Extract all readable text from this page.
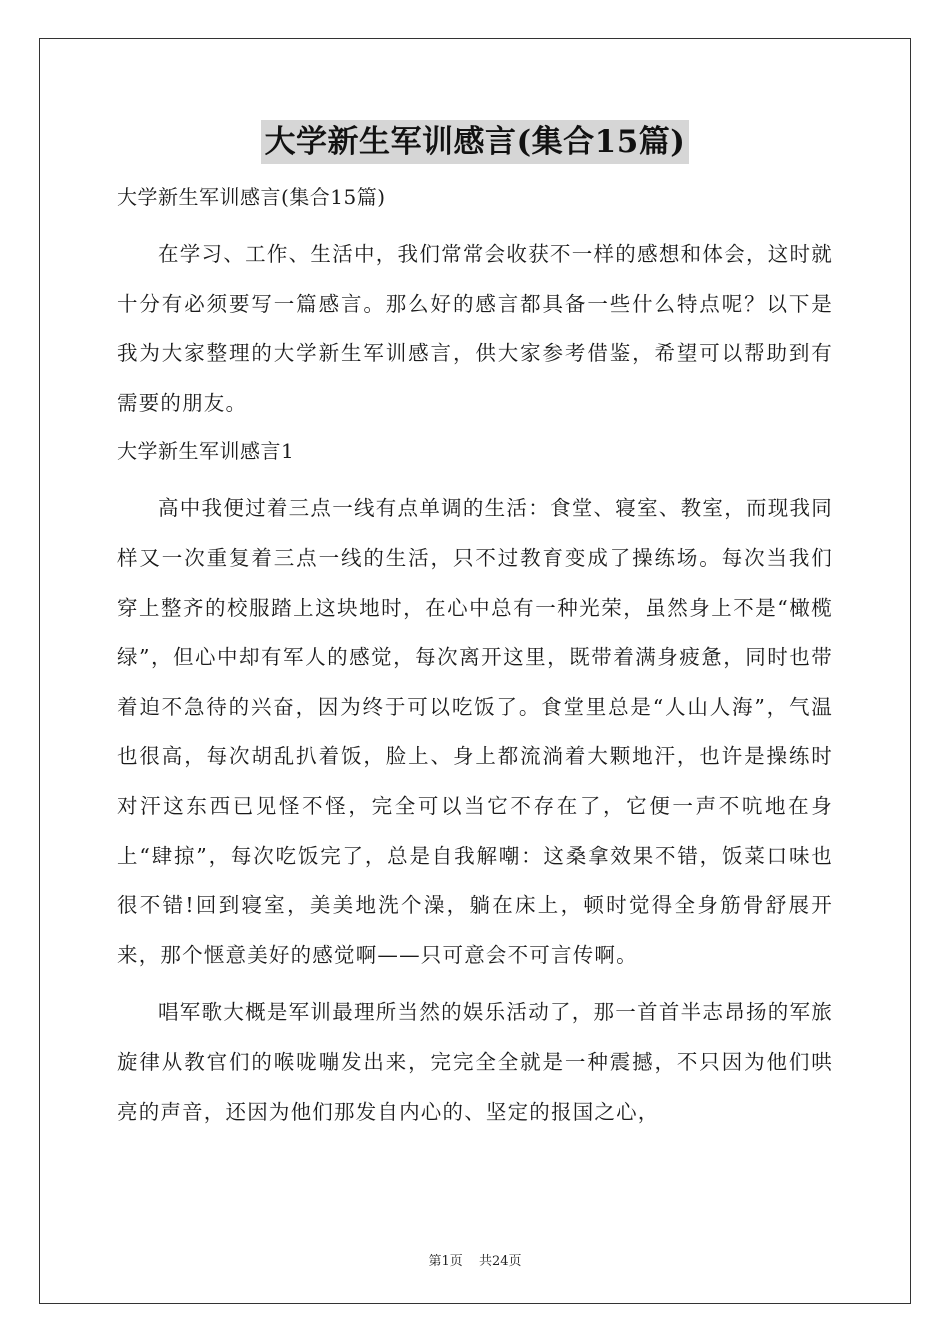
大学新生军训感言(集合15篇)

大学新生军训感言(集合15篇)

在学习、工作、生活中，我们常常会收获不一样的感想和体会，这时就十分有必须要写一篇感言。那么好的感言都具备一些什么特点呢？以下是我为大家整理的大学新生军训感言，供大家参考借鉴，希望可以帮助到有需要的朋友。

大学新生军训感言1

高中我便过着三点一线有点单调的生活：食堂、寝室、教室，而现我同样又一次重复着三点一线的生活，只不过教育变成了操练场。每次当我们穿上整齐的校服踏上这块地时，在心中总有一种光荣，虽然身上不是“橄榄绿”，但心中却有军人的感觉，每次离开这里，既带着满身疲惫，同时也带着迫不急待的兴奋，因为终于可以吃饭了。食堂里总是“人山人海”，气温也很高，每次胡乱扒着饭，脸上、身上都流淌着大颗地汗，也许是操练时对汗这东西已见怪不怪，完全可以当它不存在了，它便一声不吭地在身上“肆掠”，每次吃饭完了，总是自我解嘲：这桑拿效果不错，饭菜口味也很不错!回到寝室，美美地洗个澡，躺在床上，顿时觉得全身筋骨舒展开来，那个惬意美好的感觉啊——只可意会不可言传啊。

唱军歌大概是军训最理所当然的娱乐活动了，那一首首半志昂扬的军旅旋律从教官们的喉咙嘣发出来，完完全全就是一种震撼，不只因为他们哄亮的声音，还因为他们那发自内心的、坚定的报国之心，

第1页 共24页
